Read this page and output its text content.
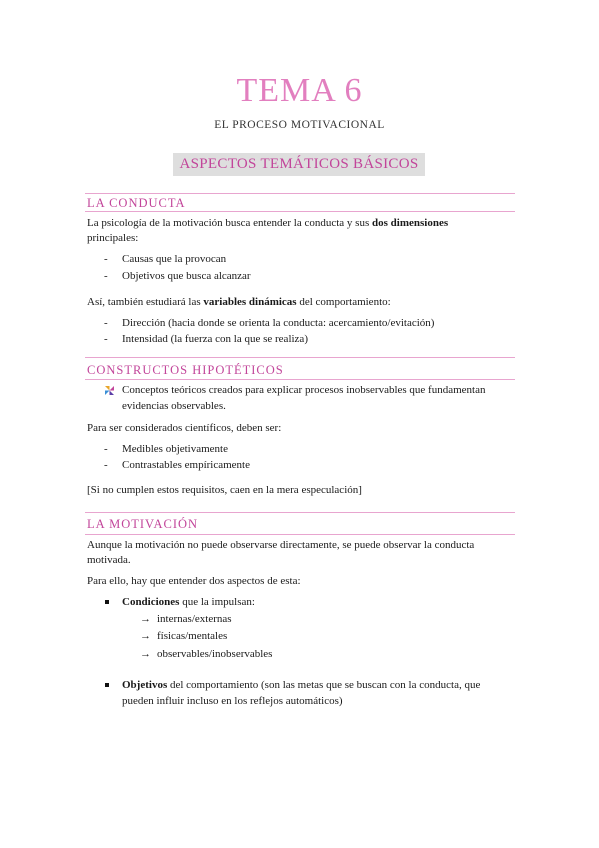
TEMA 6
EL PROCESO MOTIVACIONAL
ASPECTOS TEMÁTICOS BÁSICOS
LA CONDUCTA
La psicología de la motivación busca entender la conducta y sus dos dimensiones
principales:
- Causas que la provocan
- Objetivos que busca alcanzar
Así, también estudiará las variables dinámicas del comportamiento:
- Dirección (hacia donde se orienta la conducta: acercamiento/evitación)
- Intensidad (la fuerza con la que se realiza)
CONSTRUCTOS HIPOTÉTICOS
Conceptos teóricos creados para explicar procesos inobservables que fundamentan
evidencias observables.
Para ser considerados científicos, deben ser:
- Medibles objetivamente
- Contrastables empíricamente
[Si no cumplen estos requisitos, caen en la mera especulación]
LA MOTIVACIÓN
Aunque la motivación no puede observarse directamente, se puede observar la conducta
motivada.
Para ello, hay que entender dos aspectos de esta:
Condiciones que la impulsan:
→ internas/externas
→ físicas/mentales
→ observables/inobservables
Objetivos del comportamiento (son las metas que se buscan con la conducta, que
pueden influir incluso en los reflejos automáticos)
